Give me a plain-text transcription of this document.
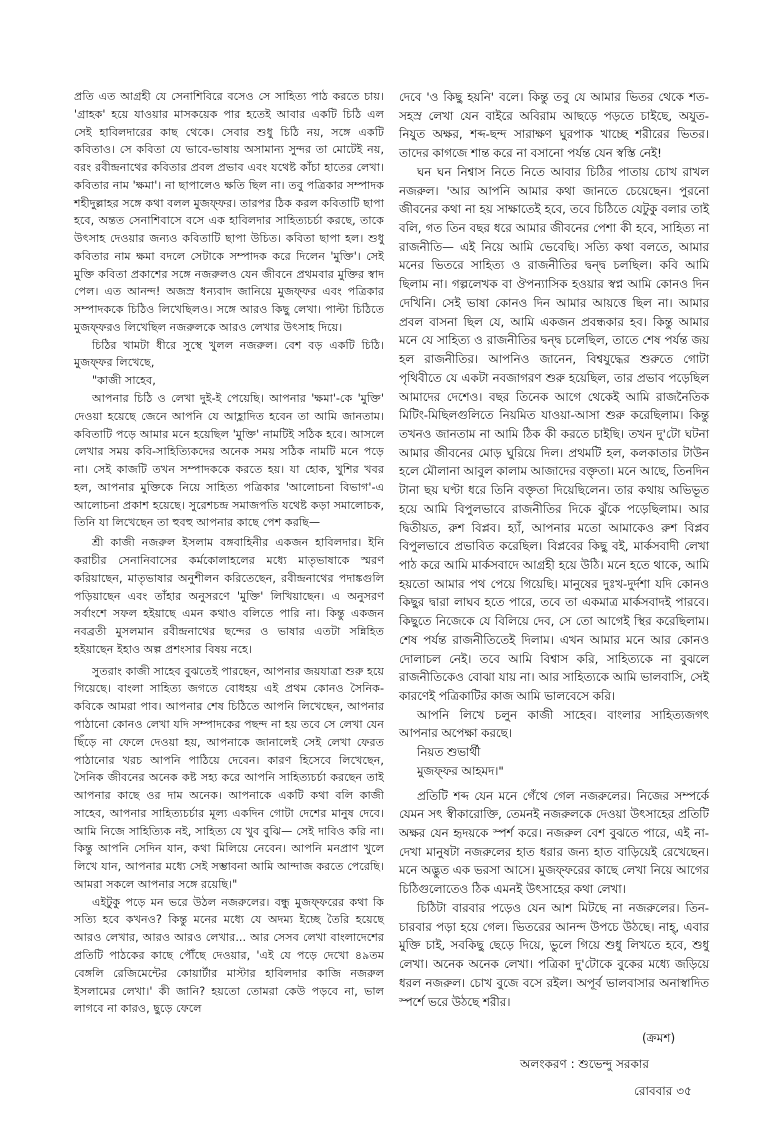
প্রতি এত আগ্রহী যে সেনাশিবিরে বসেও সে সাহিত্য পাঠ করতে চায়। 'গ্রাহক' হয়ে যাওয়ার মাসকয়েক পার হতেই আবার একটি চিঠি এল সেই হাবিলদারের কাছ থেকে। সেবার শুধু চিঠি নয়, সঙ্গে একটি কবিতাও। সে কবিতা যে ভাবে-ভাষায় অসামান্য সুন্দর তা মোটেই নয়, বরং রবীন্দ্রনাথের কবিতার প্রবল প্রভাব এবং যথেষ্ট কাঁচা হাতের লেখা। কবিতার নাম 'ক্ষমা'। না ছাপালেও ক্ষতি ছিল না। তবু পত্রিকার সম্পাদক শহীদুল্লাহর সঙ্গে কথা বলল মুজফ্ফর। তারপর ঠিক করল কবিতাটি ছাপা হবে, অন্তত সেনাশিবাসে বসে এক হাবিলদার সাহিত্যচর্চা করছে, তাকে উৎসাহ দেওয়ার জন্যও কবিতাটি ছাপা উচিত। কবিতা ছাপা হল। শুধু কবিতার নাম ক্ষমা বদলে সেটাকে সম্পাদক করে দিলেন 'মুক্তি'। সেই মুক্তি কবিতা প্রকাশের সঙ্গে নজরুলও যেন জীবনে প্রথমবার মুক্তির স্বাদ পেল। এত আনন্দ! অজস্র ধন্যবাদ জানিয়ে মুজফ্ফর এবং পত্রিকার সম্পাদককে চিঠিও লিখেছিলও। সঙ্গে আরও কিছু লেখা। পাল্টা চিঠিতে মুজফ্ফরও লিখেছিল নজরুলকে আরও লেখার উৎসাহ দিয়ে।

চিঠির খামটা ধীরে সুস্থে খুলল নজরুল। বেশ বড় একটি চিঠি। মুজফ্ফর লিখেছে,

"কাজী সাহেব,

আপনার চিঠি ও লেখা দুই-ই পেয়েছি। আপনার 'ক্ষমা'-কে 'মুক্তি' দেওয়া হয়েছে জেনে আপনি যে আহ্লাদিত হবেন তা আমি জানতাম। কবিতাটি পড়ে আমার মনে হয়েছিল 'মুক্তি' নামটিই সঠিক হবে। আসলে লেখার সময় কবি-সাহিত্যিকদের অনেক সময় সঠিক নামটি মনে পড়ে না। সেই কাজটি তখন সম্পাদককে করতে হয়। যা হোক, খুশির খবর হল, আপনার মুক্তিকে নিয়ে সাহিত্য পত্রিকার 'আলোচনা বিভাগ'-এ আলোচনা প্রকাশ হয়েছে। সুরেশচন্দ্র সমাজপতি যথেষ্ট কড়া সমালোচক, তিনি যা লিখেছেন তা হুবহু আপনার কাছে পেশ করছি—

শ্রী কাজী নজরুল ইসলাম বঙ্গবাহিনীর একজন হাবিলদার। ইনি করাচীর সেনানিবাসের কর্মকোলাহলের মধ্যে মাতৃভাষাকে স্মরণ করিয়াছেন, মাতৃভাষার অনুশীলন করিতেছেন, রবীন্দ্রনাথের পদাঙ্কগুলি পড়িয়াছেন এবং তাঁহার অনুসরণে 'মুক্তি' লিখিয়াছেন। এ অনুসরণ সর্বাংশে সফল হইয়াছে এমন কথাও বলিতে পারি না। কিন্তু একজন নবব্রতী মুসলমান রবীন্দ্রনাথের ছন্দের ও ভাষার এতটা সন্নিহিত হইয়াছেন ইহাও অল্প প্রশংসার বিষয় নহে।

সুতরাং কাজী সাহেব বুঝতেই পারছেন, আপনার জয়যাত্রা শুরু হয়ে গিয়েছে। বাংলা সাহিত্য জগতে বোধহয় এই প্রথম কোনও সৈনিক-কবিকে আমরা পাব। আপনার শেষ চিঠিতে আপনি লিখেছেন, আপনার পাঠানো কোনও লেখা যদি সম্পাদকের পছন্দ না হয় তবে সে লেখা যেন ছিঁড়ে না ফেলে দেওয়া হয়, আপনাকে জানালেই সেই লেখা ফেরত পাঠানোর খরচ আপনি পাঠিয়ে দেবেন। কারণ হিসেবে লিখেছেন, সৈনিক জীবনের অনেক কষ্ট সহ্য করে আপনি সাহিত্যচর্চা করছেন তাই আপনার কাছে ওর দাম অনেক। আপনাকে একটি কথা বলি কাজী সাহেব, আপনার সাহিত্যচর্চার মূল্য একদিন গোটা দেশের মানুষ দেবে। আমি নিজে সাহিত্যিক নই, সাহিত্য যে খুব বুঝি— সেই দাবিও করি না। কিন্তু আপনি সেদিন যান, কথা মিলিয়ে নেবেন। আপনি মনপ্রাণ খুলে লিখে যান, আপনার মধ্যে সেই সম্ভাবনা আমি আন্দাজ করতে পেরেছি। আমরা সকলে আপনার সঙ্গে রয়েছি।"

এইটুকু পড়ে মন ভরে উঠল নজরুলের। বন্ধু মুজফ্ফরের কথা কি সত্যি হবে কখনও? কিন্তু মনের মধ্যে যে অদম্য ইচ্ছে তৈরি হয়েছে আরও লেখার, আরও আরও লেখার... আর সেসব লেখা বাংলাদেশের প্রতিটি পাঠকের কাছে পৌঁছে দেওয়ার, 'এই যে পড়ে দেখো ৪৯তম বেঙ্গলি রেজিমেন্টের কোয়ার্টার মাস্টার হাবিলদার কাজি নজরুল ইসলামের লেখা।' কী জানি? হয়তো তোমরা কেউ পড়বে না, ভাল লাগবে না কারও, ছুড়ে ফেলে

দেবে 'ও কিছু হয়নি' বলে। কিন্তু তবু যে আমার ভিতর থেকে শত-সহস্র লেখা যেন বাইরে অবিরাম আছড়ে পড়তে চাইছে, অযুত-নিযুত অক্ষর, শব্দ-ছন্দ সারাক্ষণ ঘুরপাক খাচ্ছে শরীরের ভিতর। তাদের কাগজে শান্ত করে না বসানো পর্যন্ত যেন স্বস্তি নেই!

ঘন ঘন নিশ্বাস নিতে নিতে আবার চিঠির পাতায় চোখ রাখল নজরুল। 'আর আপনি আমার কথা জানতে চেয়েছেন। পুরনো জীবনের কথা না হয় সাক্ষাতেই হবে, তবে চিঠিতে যেটুকু বলার তাই বলি, গত তিন বছর ধরে আমার জীবনের পেশা কী হবে, সাহিত্য না রাজনীতি— এই নিয়ে আমি ভেবেছি। সত্যি কথা বলতে, আমার মনের ভিতরে সাহিত্য ও রাজনীতির দ্বন্দ্ব চলছিল। কবি আমি ছিলাম না। গল্পলেখক বা ঔপন্যাসিক হওয়ার স্বপ্ন আমি কোনও দিন দেখিনি। সেই ভাষা কোনও দিন আমার আয়ত্তে ছিল না। আমার প্রবল বাসনা ছিল যে, আমি একজন প্রবন্ধকার হব। কিন্তু আমার মনে যে সাহিত্য ও রাজনীতির দ্বন্দ্ব চলেছিল, তাতে শেষ পর্যন্ত জয় হল রাজনীতির। আপনিও জানেন, বিশ্বযুদ্ধের শুরুতে গোটা পৃথিবীতে যে একটা নবজাগরণ শুরু হয়েছিল, তার প্রভাব পড়েছিল আমাদের দেশেও। বছর তিনেক আগে থেকেই আমি রাজনৈতিক মিটিং-মিছিলগুলিতে নিয়মিত যাওয়া-আসা শুরু করেছিলাম। কিন্তু তখনও জানতাম না আমি ঠিক কী করতে চাইছি। তখন দু'টো ঘটনা আমার জীবনের মোড় ঘুরিয়ে দিল। প্রথমটি হল, কলকাতার টাউন হলে মৌলানা আবুল কালাম আজাদের বক্তৃতা। মনে আছে, তিনদিন টানা ছয় ঘণ্টা ধরে তিনি বক্তৃতা দিয়েছিলেন। তার কথায় অভিভূত হয়ে আমি বিপুলভাবে রাজনীতির দিকে ঝুঁকে পড়েছিলাম। আর দ্বিতীয়ত, রুশ বিপ্লব। হ্যাঁ, আপনার মতো আমাকেও রুশ বিপ্লব বিপুলভাবে প্রভাবিত করেছিল। বিপ্লবের কিছু বই, মার্কসবাদী লেখা পাঠ করে আমি মার্কসবাদে আগ্রহী হয়ে উঠি। মনে হতে থাকে, আমি হয়তো আমার পথ পেয়ে গিয়েছি। মানুষের দুঃখ-দুর্দশা যদি কোনও কিছুর দ্বারা লাঘব হতে পারে, তবে তা একমাত্র মার্কসবাদই পারবে। কিছুতে নিজেকে যে বিলিয়ে দেব, সে তো আগেই স্থির করেছিলাম। শেষ পর্যন্ত রাজনীতিতেই দিলাম। এখন আমার মনে আর কোনও দোলাচল নেই। তবে আমি বিশ্বাস করি, সাহিত্যকে না বুঝলে রাজনীতিকেও বোঝা যায় না। আর সাহিত্যকে আমি ভালবাসি, সেই কারণেই পত্রিকাটির কাজ আমি ভালবেসে করি।

আপনি লিখে চলুন কাজী সাহেব। বাংলার সাহিত্যজগৎ আপনার অপেক্ষা করছে।

নিয়ত শুভার্থী

মুজফ্ফর আহমদ।"

প্রতিটি শব্দ যেন মনে গেঁথে গেল নজরুলের। নিজের সম্পর্কে যেমন সৎ স্বীকারোক্তি, তেমনই নজরুলকে দেওয়া উৎসাহের প্রতিটি অক্ষর যেন হৃদয়কে স্পর্শ করে। নজরুল বেশ বুঝতে পারে, এই না-দেখা মানুষটা নজরুলের হাত ধরার জন্য হাত বাড়িয়েই রেখেছেন। মনে অদ্ভুত এক ভরসা আসে। মুজফ্ফরের কাছে লেখা নিয়ে আগের চিঠিগুলোতেও ঠিক এমনই উৎসাহের কথা লেখা।

চিঠিটা বারবার পড়েও যেন আশ মিটছে না নজরুলের। তিন-চারবার পড়া হয়ে গেল। ভিতরের আনন্দ উপচে উঠছে। নাহ্, এবার মুক্তি চাই, সবকিছু ছেড়ে দিয়ে, ভুলে গিয়ে শুধু লিখতে হবে, শুধু লেখা। অনেক অনেক লেখা। পত্রিকা দু'টোকে বুকের মধ্যে জড়িয়ে ধরল নজরুল। চোখ বুজে বসে রইল। অপূর্ব ভালবাসার অনাস্বাদিত স্পর্শে ভরে উঠছে শরীর।

(ক্রমশ)
অলংকরণ : শুভেন্দু সরকার
রোববার ৩৫
